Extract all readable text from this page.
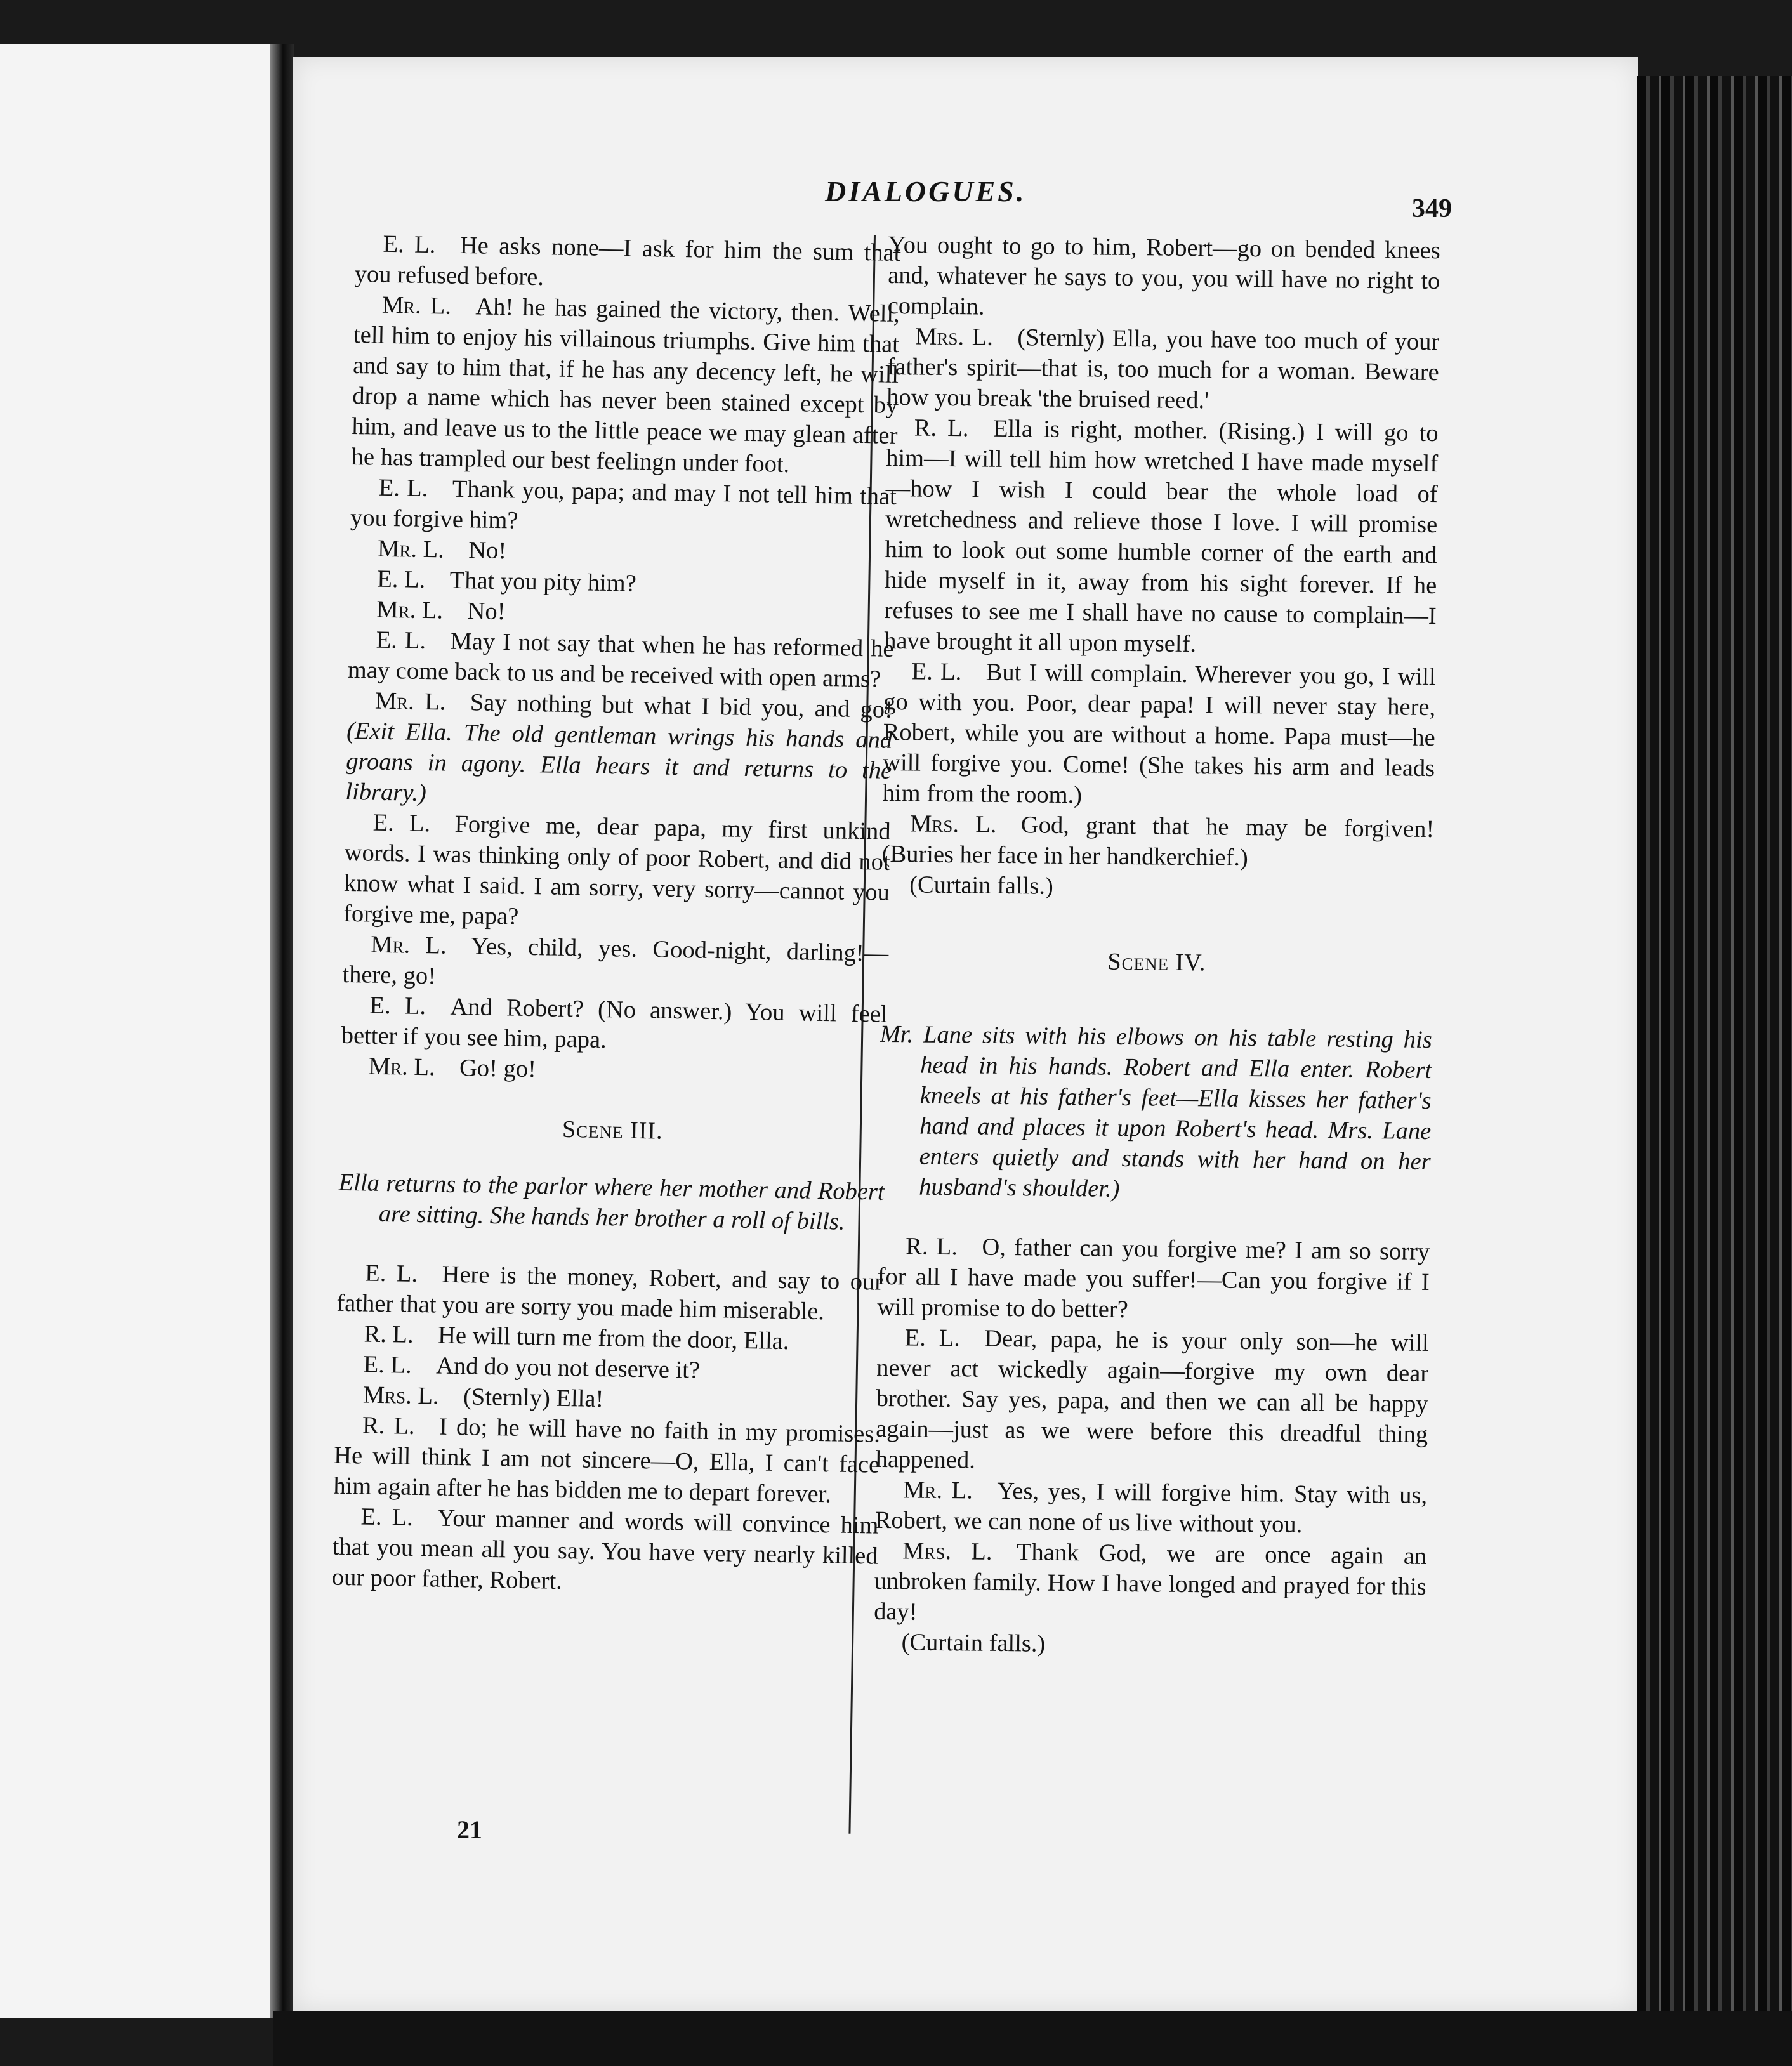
DIALOGUES.
349

E. L.  He asks none—I ask for him the sum that you refused before.

Mr. L.  Ah! he has gained the victory, then. Well, tell him to enjoy his villainous triumphs. Give him that and say to him that, if he has any decency left, he will drop a name which has never been stained except by him, and leave us to the little peace we may glean after he has trampled our best feelingn under foot.

E. L.  Thank you, papa; and may I not tell him that you forgive him?

Mr. L.  No!

E. L.  That you pity him?

Mr. L.  No!

E. L.  May I not say that when he has reformed he may come back to us and be received with open arms?

Mr. L.  Say nothing but what I bid you, and go! (Exit Ella. The old gentleman wrings his hands and groans in agony. Ella hears it and returns to the library.)

E. L.  Forgive me, dear papa, my first unkind words. I was thinking only of poor Robert, and did not know what I said. I am sorry, very sorry—cannot you forgive me, papa?

Mr. L.  Yes, child, yes. Good-night, darling!—there, go!

E. L.  And Robert? (No answer.) You will feel better if you see him, papa.

Mr. L.  Go! go!

Scene III.

Ella returns to the parlor where her mother and Robert are sitting. She hands her brother a roll of bills.

E. L.  Here is the money, Robert, and say to our father that you are sorry you made him miserable.

R. L.  He will turn me from the door, Ella.

E. L.  And do you not deserve it?

Mrs. L.  (Sternly) Ella!

R. L.  I do; he will have no faith in my promises. He will think I am not sincere—O, Ella, I can't face him again after he has bidden me to depart forever.

E. L.  Your manner and words will convince him that you mean all you say. You have very nearly killed our poor father, Robert.

You ought to go to him, Robert—go on bended knees and, whatever he says to you, you will have no right to complain.

Mrs. L.  (Sternly) Ella, you have too much of your father's spirit—that is, too much for a woman. Beware how you break 'the bruised reed.'

R. L.  Ella is right, mother. (Rising.) I will go to him—I will tell him how wretched I have made myself—how I wish I could bear the whole load of wretchedness and relieve those I love. I will promise him to look out some humble corner of the earth and hide myself in it, away from his sight forever. If he refuses to see me I shall have no cause to complain—I have brought it all upon myself.

E. L.  But I will complain. Wherever you go, I will go with you. Poor, dear papa! I will never stay here, Robert, while you are without a home. Papa must—he will forgive you. Come! (She takes his arm and leads him from the room.)

Mrs. L.  God, grant that he may be forgiven! (Buries her face in her handkerchief.)

(Curtain falls.)

Scene IV.

Mr. Lane sits with his elbows on his table resting his head in his hands. Robert and Ella enter. Robert kneels at his father's feet—Ella kisses her father's hand and places it upon Robert's head. Mrs. Lane enters quietly and stands with her hand on her husband's shoulder.)

R. L.  O, father can you forgive me? I am so sorry for all I have made you suffer!—Can you forgive if I will promise to do better?

E. L.  Dear, papa, he is your only son—he will never act wickedly again—forgive my own dear brother. Say yes, papa, and then we can all be happy again—just as we were before this dreadful thing happened.

Mr. L.  Yes, yes, I will forgive him. Stay with us, Robert, we can none of us live without you.

Mrs. L.  Thank God, we are once again an unbroken family. How I have longed and prayed for this day!

(Curtain falls.)

21
